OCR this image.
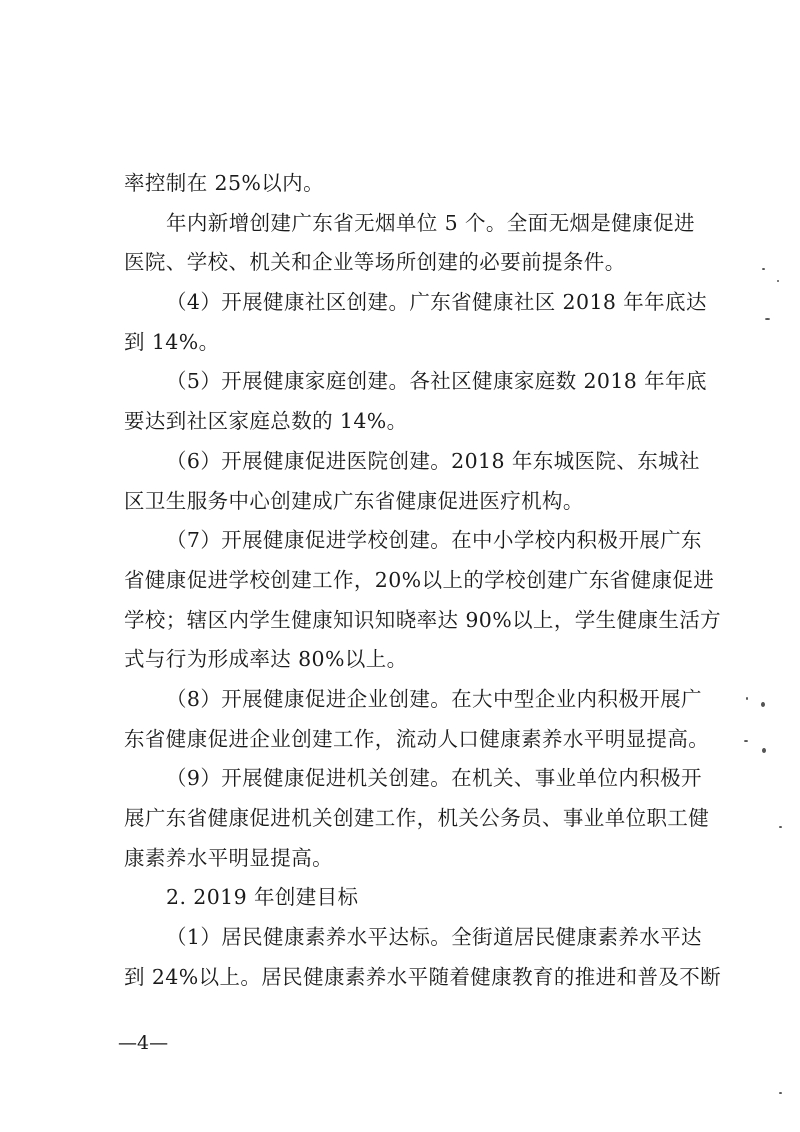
率控制在 25%以内。
年内新增创建广东省无烟单位 5 个。全面无烟是健康促进
医院、学校、机关和企业等场所创建的必要前提条件。
（4）开展健康社区创建。广东省健康社区 2018 年年底达
到 14%。
（5）开展健康家庭创建。各社区健康家庭数 2018 年年底
要达到社区家庭总数的 14%。
（6）开展健康促进医院创建。2018 年东城医院、东城社
区卫生服务中心创建成广东省健康促进医疗机构。
（7）开展健康促进学校创建。在中小学校内积极开展广东
省健康促进学校创建工作，20%以上的学校创建广东省健康促进
学校；辖区内学生健康知识知晓率达 90%以上，学生健康生活方
式与行为形成率达 80%以上。
（8）开展健康促进企业创建。在大中型企业内积极开展广
东省健康促进企业创建工作，流动人口健康素养水平明显提高。
（9）开展健康促进机关创建。在机关、事业单位内积极开
展广东省健康促进机关创建工作，机关公务员、事业单位职工健
康素养水平明显提高。
2. 2019 年创建目标
（1）居民健康素养水平达标。全街道居民健康素养水平达
到 24%以上。居民健康素养水平随着健康教育的推进和普及不断
—4—
